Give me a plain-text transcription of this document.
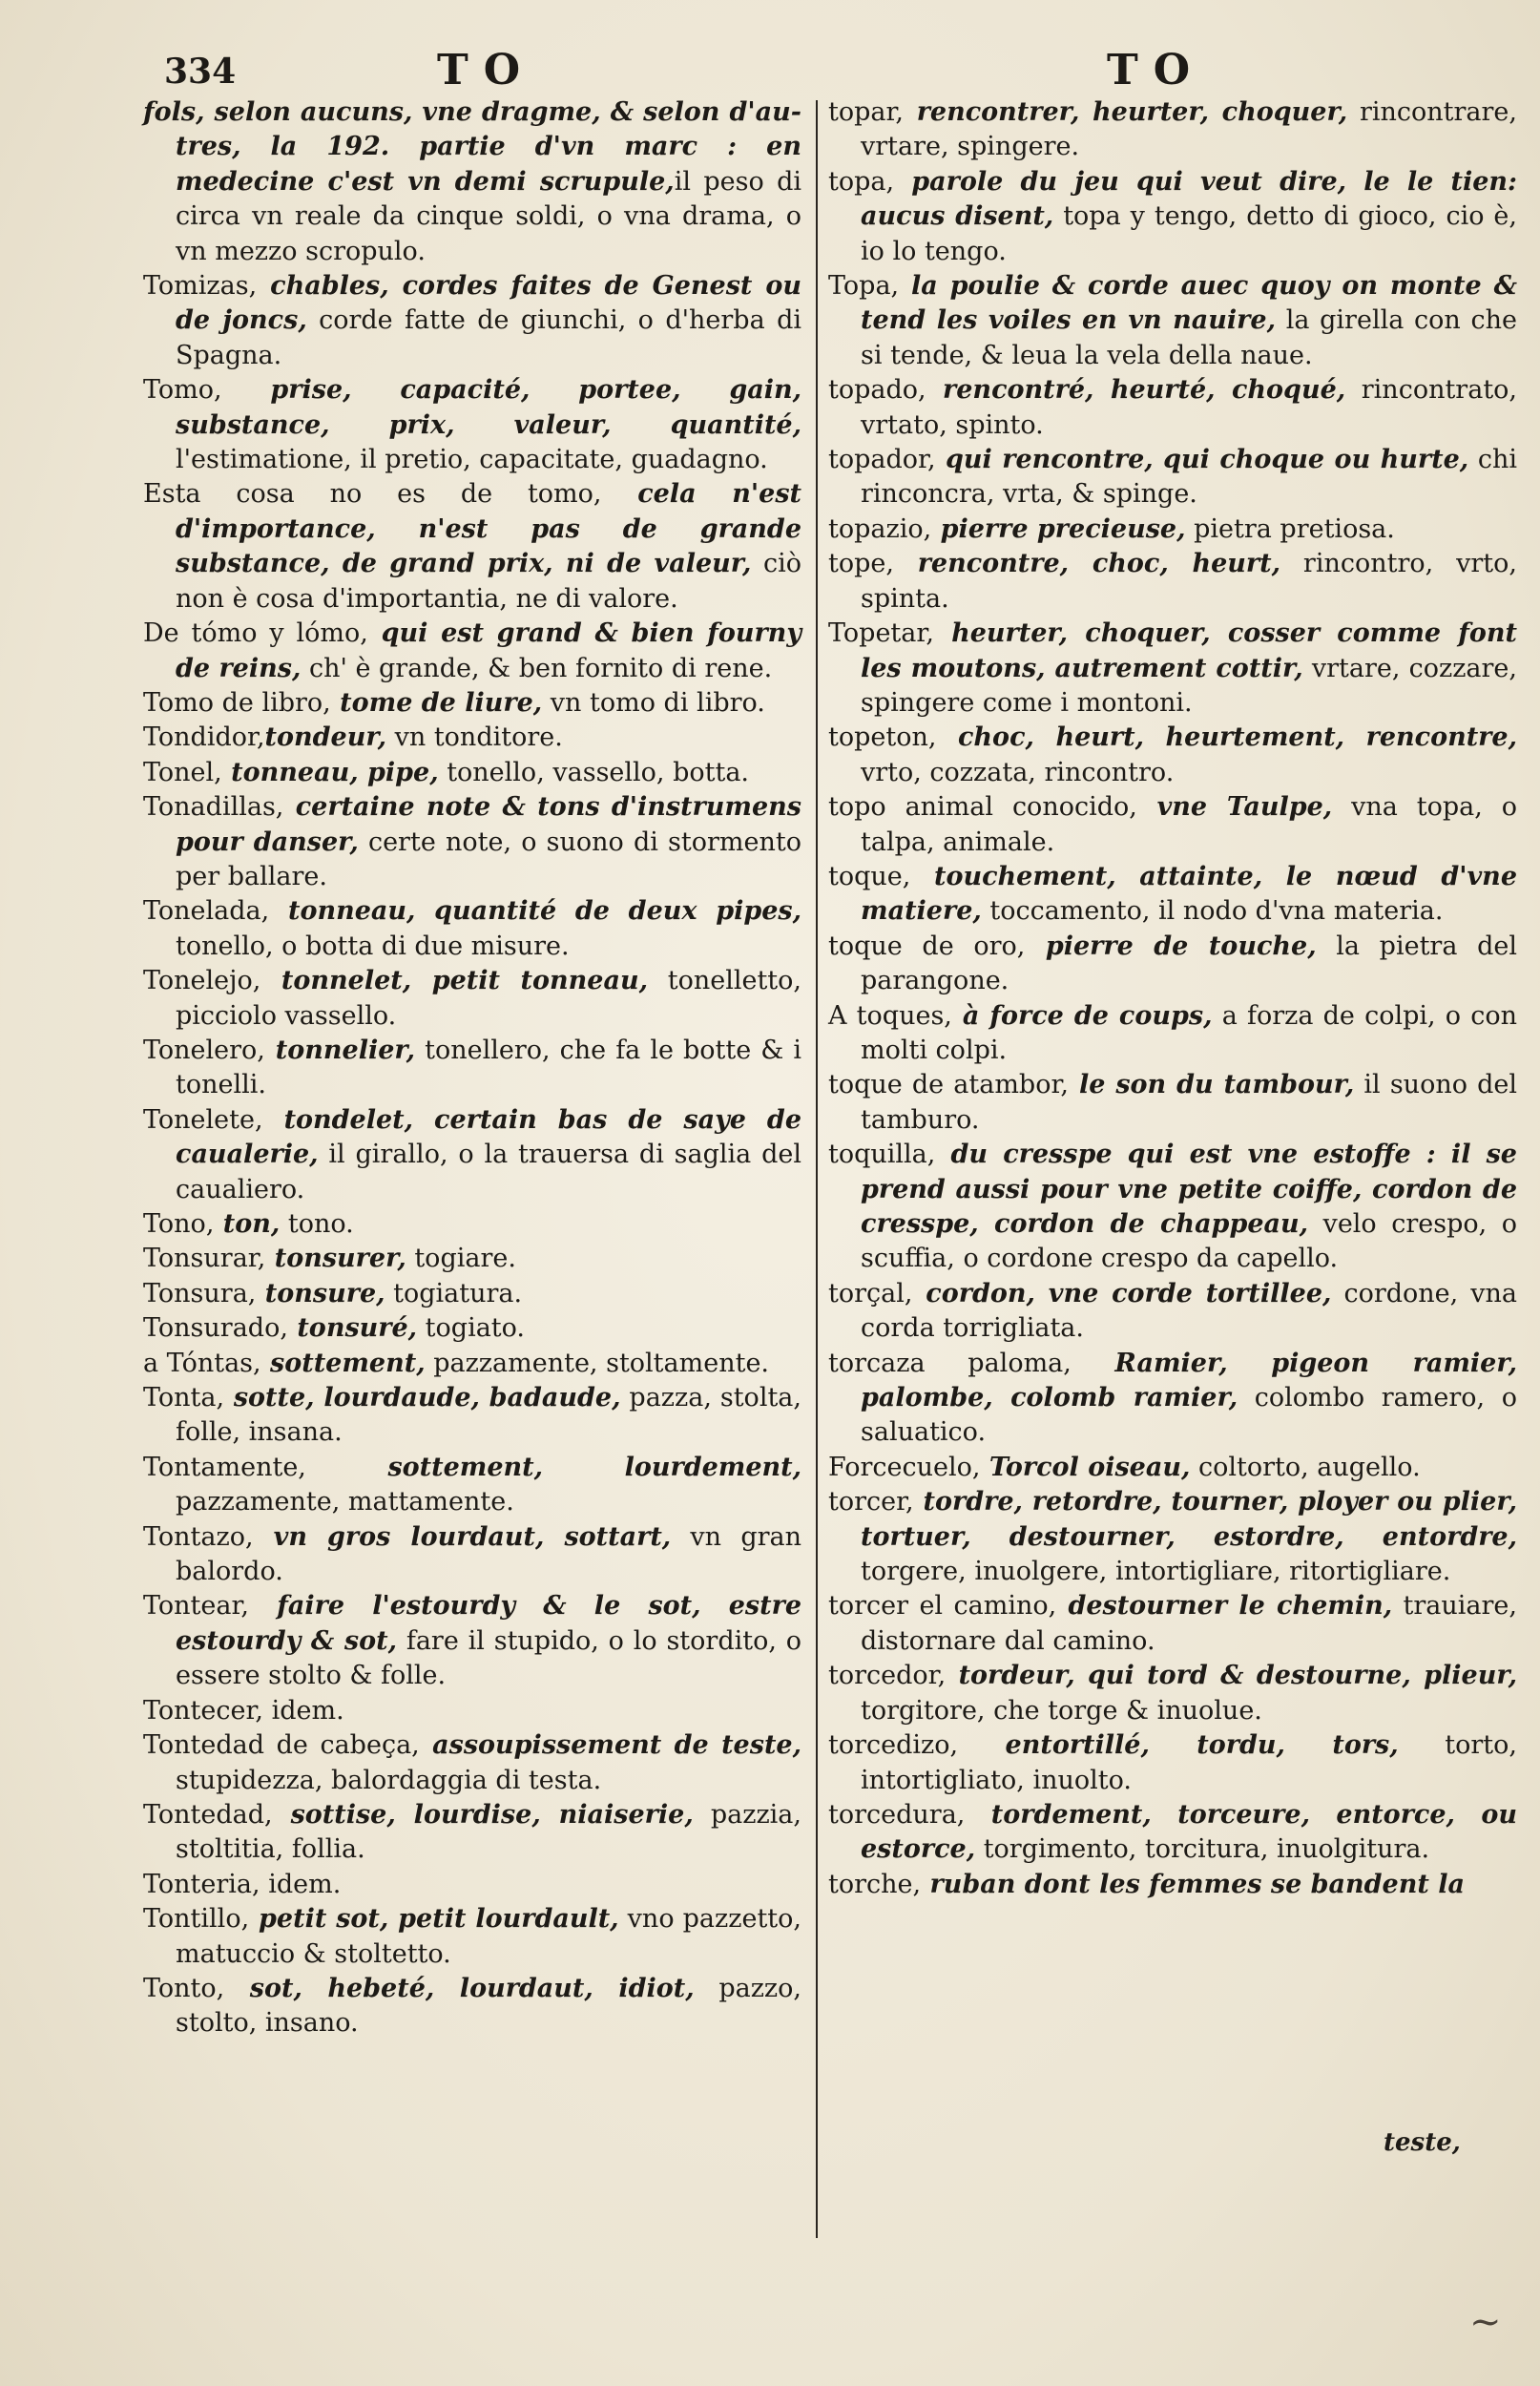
334	TO	TO

fols, selon aucuns, vne dragme, & selon d'au-tres, la 192. partie d'vn marc : en medecine c'est vn demi scrupule,il peso di circa vn reale da cinque soldi, o vna drama, o vn mezzo scropulo.

Tomizas, chables, cordes faites de Genest ou de joncs, corde fatte de giunchi, o d'herba di Spagna.

Tomo, prise, capacité, portee, gain, substance, prix, valeur, quantité, l'estimatione, il pretio, capacitate, guadagno.

Esta cosa no es de tomo, cela n'est d'importance, n'est pas de grande substance, de grand prix, ni de valeur, ciò non è cosa d'importantia, ne di valore.

De tómo y lómo, qui est grand & bien fourny de reins, ch' è grande, & ben fornito di rene.

Tomo de libro, tome de liure, vn tomo di libro.

Tondidor,tondeur, vn tonditore.

Tonel, tonneau, pipe, tonello, vassello, botta.

Tonadillas, certaine note & tons d'instrumens pour danser, certe note, o suono di stormento per ballare.

Tonelada, tonneau, quantité de deux pipes, tonello, o botta di due misure.

Tonelejo, tonnelet, petit tonneau, tonelletto, picciolo vassello.

Tonelero, tonnelier, tonellero, che fa le botte & i tonelli.

Tonelete, tondelet, certain bas de saye de caualerie, il girallo, o la trauersa di saglia del caualiero.

Tono, ton, tono.

Tonsurar, tonsurer, togiare.

Tonsura, tonsure, togiatura.

Tonsurado, tonsuré, togiato.

a Tóntas, sottement, pazzamente, stoltamente.

Tonta, sotte, lourdaude, badaude, pazza, stolta, folle, insana.

Tontamente, sottement, lourdement, pazzamente, mattamente.

Tontazo, vn gros lourdaut, sottart, vn gran balordo.

Tontear, faire l'estourdy & le sot, estre estourdy & sot, fare il stupido, o lo stordito, o essere stolto & folle.

Tontecer, idem.

Tontedad de cabeça, assoupissement de teste, stupidezza, balordaggia di testa.

Tontedad, sottise, lourdise, niaiserie, pazzia, stoltitia, follia.

Tonteria, idem.

Tontillo, petit sot, petit lourdault, vno pazzetto, matuccio & stoltetto.

Tonto, sot, hebeté, lourdaut, idiot, pazzo, stolto, insano.

topar, rencontrer, heurter, choquer, rincontrare, vrtare, spingere.

topa, parole du jeu qui veut dire, le le tien: aucus disent, topa y tengo, detto di gioco, cio è, io lo tengo.

Topa, la poulie & corde auec quoy on monte & tend les voiles en vn nauire, la girella con che si tende, & leua la vela della naue.

topado, rencontré, heurté, choqué, rincontrato, vrtato, spinto.

topador, qui rencontre, qui choque ou hurte, chi rinconcra, vrta, & spinge.

topazio, pierre precieuse, pietra pretiosa.

tope, rencontre, choc, heurt, rincontro, vrto, spinta.

Topetar, heurter, choquer, cosser comme font les moutons, autrement cottir, vrtare, cozzare, spingere come i montoni.

topeton, choc, heurt, heurtement, rencontre, vrto, cozzata, rincontro.

topo animal conocido, vne Taulpe, vna topa, o talpa, animale.

toque, touchement, attainte, le nœud d'vne matiere, toccamento, il nodo d'vna materia.

toque de oro, pierre de touche, la pietra del parangone.

A toques, à force de coups, a forza de colpi, o con molti colpi.

toque de atambor, le son du tambour, il suono del tamburo.

toquilla, du cresspe qui est vne estoffe : il se prend aussi pour vne petite coiffe, cordon de cresspe, cordon de chappeau, velo crespo, o scuffia, o cordone crespo da capello.

torçal, cordon, vne corde tortillee, cordone, vna corda torrigliata.

torcaza paloma, Ramier, pigeon ramier, palombe, colomb ramier, colombo ramero, o saluatico.

Forcecuelo, Torcol oiseau, coltorto, augello.

torcer, tordre, retordre, tourner, ployer ou plier, tortuer, destourner, estordre, entordre, torgere, inuolgere, intortigliare, ritortigliare.

torcer el camino, destourner le chemin, trauiare, distornare dal camino.

torcedor, tordeur, qui tord & destourne, plieur, torgitore, che torge & inuolue.

torcedizo, entortillé, tordu, tors, torto, intortigliato, inuolto.

torcedura, tordement, torceure, entorce, ou estorce, torgimento, torcitura, inuolgitura.

torche, ruban dont les femmes se bandent la

teste,
~
